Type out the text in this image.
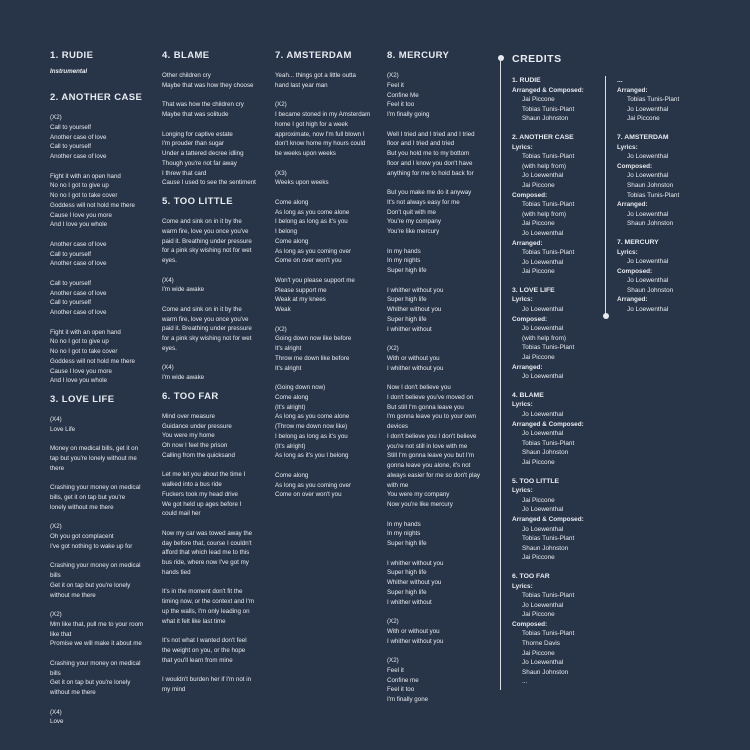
1. RUDIE
Instrumental
2. ANOTHER CASE
(X2)
Call to yourself
Another case of love
Call to yourself
Another case of love
Fight it with an open hand
No no I got to give up
No no I got to take cover
Goddess will not hold me there
Cause I love you more
And I love you whole
Another case of love
Call to yourself
Another case of love
Call to yourself
Another case of love
Call to yourself
Another case of love
Fight it with an open hand
No no I got to give up
No no I got to take cover
Goddess will not hold me there
Cause I love you more
And I love you whole
3. LOVE LIFE
(X4)
Love Life
Money on medical bills, get it on
tap but you're lonely without me
there
Crashing your money on medical
bills, get it on tap but you're
lonely without me there
(X2)
Oh you got complacent
I've got nothing to wake up for
Crashing your money on medical
bills
Get it on tap but you're lonely
without me there
(X2)
Mm like that, pull me to your room
like that
Promise we will make it about me
Crashing your money on medical
bills
Get it on tap but you're lonely
without me there
(X4)
Love
4. BLAME
Other children cry
Maybe that was how they choose
That was how the children cry
Maybe that was solitude
Longing for captive estate
I'm prouder than sugar
Under a tattered decree idling
Though you're not far away
I threw that card
Cause I used to see the sentiment
5. TOO LITTLE
Come and sink on in it by the
warm fire, love you once you've
paid it. Breathing under pressure
for a pink sky wishing not for wet
eyes.
(X4)
I'm wide awake
Come and sink on in it by the
warm fire, love you once you've
paid it. Breathing under pressure
for a pink sky wishing not for wet
eyes.
(X4)
I'm wide awake
6. TOO FAR
Mind over measure
Guidance under pressure
You were my home
Oh now I feel the prison
Calling from the quicksand
Let me let you about the time I
walked into a bus ride
Fuckers took my head drive
We got held up ages before I
could mail her
Now my car was towed away the
day before that, course I couldn't
afford that which lead me to this
bus ride, where now I've got my
hands tied
It's in the moment don't fit the
timing now, or the context and I'm
up the walls, I'm only leading on
what it felt like last time
It's not what I wanted don't feel
the weight on you, or the hope
that you'll learn from mine
I wouldn't burden her if I'm not in
my mind
7. AMSTERDAM
Yeah... things got a little outta
hand last year man
(X2)
I became stoned in my Amsterdam
home I got high for a week
approximate, now I'm full blown I
don't know home my hours could
be weeks upon weeks
(X3)
Weeks upon weeks
Come along
As long as you come alone
I belong as long as it's you
I belong
Come along
As long as you coming over
Come on over won't you
Won't you please support me
Please support me
Weak at my knees
Weak
(X2)
Going down now like before
It's alright
Throw me down like before
It's alright
(Going down now)
Come along
(It's alright)
As long as you come alone
(Throw me down now like)
I belong as long as it's you
(It's alright)
As long as it's you I belong
Come along
As long as you coming over
Come on over won't you
8. MERCURY
(X2)
Feel it
Confine Me
Feel it too
I'm finally going
Well I tried and I tried and I tried
floor and I tried and tried
But you hold me to my bottom
floor and I know you don't have
anything for me to hold back for
But you make me do it anyway
It's not always easy for me
Don't quit with me
You're my company
You're like mercury
In my hands
In my nights
Super high life
I whither without you
Super high life
Whither without you
Super high life
I whither without
(X2)
With or without you
I whither without you
Now I don't believe you
I don't believe you've moved on
But still I'm gonna leave you
I'm gonna leave you to your own
devices
I don't believe you I don't believe
you're not still in love with me
Still I'm gonna leave you but I'm
gonna leave you alone, it's not
always easier for me so don't play
with me
You were my company
Now you're like mercury
In my hands
In my nights
Super high life
I whither without you
Super high life
Whither without you
Super high life
I whither without
(X2)
With or without you
I whither without you
(X2)
Feel it
Confine me
Feel it too
I'm finally gone
CREDITS
1. RUDIE
Arranged & Composed:
Jai Piccone
Tobias Tunis-Plant
Shaun Johnston
2. ANOTHER CASE
Lyrics:
Tobias Tunis-Plant
(with help from)
Jo Loewenthal
Jai Piccone
Composed:
Tobias Tunis-Plant
(with help from)
Jai Piccone
Jo Loewenthal
Arranged:
Tobias Tunis-Plant
Jo Loewenthal
Jai Piccone
3. LOVE LIFE
Lyrics:
Jo Loewenthal
Composed:
Jo Loewenthal
(with help from)
Tobias Tunis-Plant
Jai Piccone
Arranged:
Jo Loewenthal
4. BLAME
Lyrics:
Jo Loewenthal
Arranged & Composed:
Jo Loewenthal
Tobias Tunis-Plant
Shaun Johnston
Jai Piccone
5. TOO LITTLE
Lyrics:
Jai Piccone
Jo Loewenthal
Arranged & Composed:
Jo Loewenthal
Tobias Tunis-Plant
Shaun Johnston
Jai Piccone
6. TOO FAR
Lyrics:
Tobias Tunis-Plant
Jo Loewenthal
Jai Piccone
Composed:
Tobias Tunis-Plant
Thorne Davis
Jai Piccone
Jo Loewenthal
Shaun Johnston
...
...
Arranged:
Tobias Tunis-Plant
Jo Loewenthal
Jai Piccone
7. AMSTERDAM
Lyrics:
Jo Loewenthal
Composed:
Jo Loewenthal
Shaun Johnston
Tobias Tunis-Plant
Arranged:
Jo Loewenthal
Shaun Johnston
7. MERCURY
Lyrics:
Jo Loewenthal
Composed:
Jo Loewenthal
Shaun Johnston
Arranged:
Jo Loewenthal
